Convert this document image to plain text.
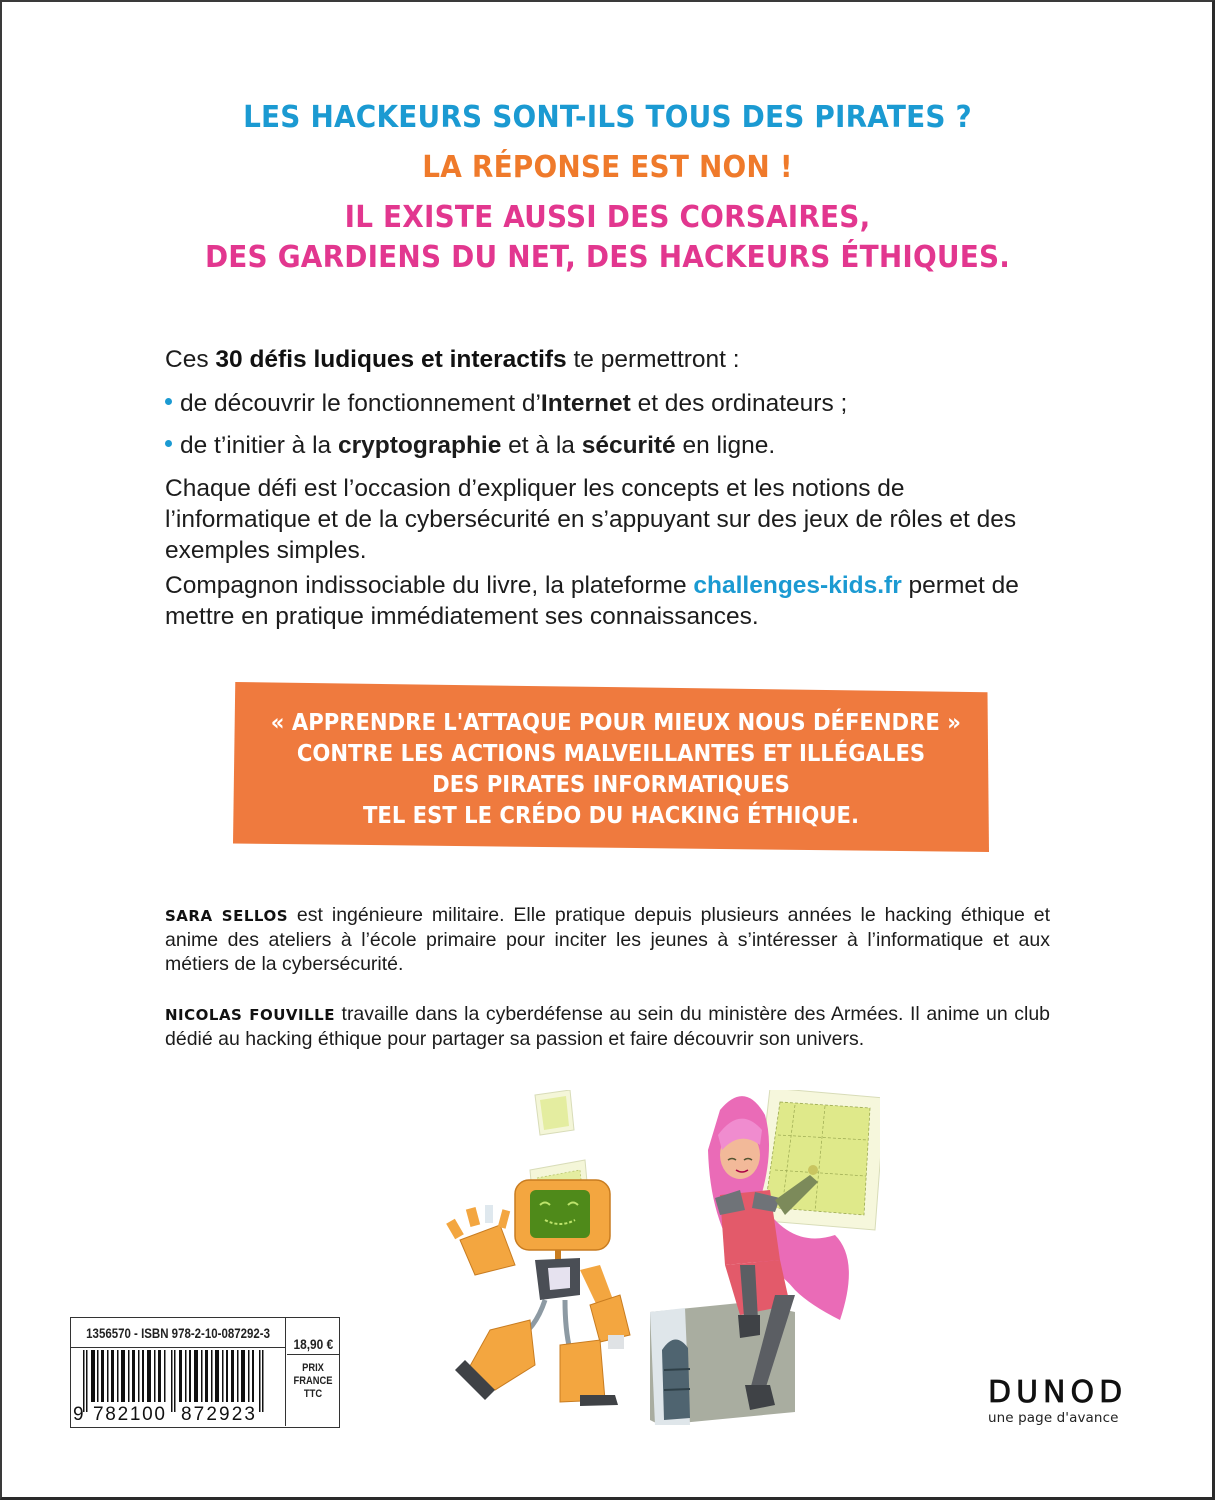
LES HACKEURS SONT-ILS TOUS DES PIRATES ?
LA RÉPONSE EST NON !
IL EXISTE AUSSI DES CORSAIRES,
DES GARDIENS DU NET, DES HACKEURS ÉTHIQUES.
Ces 30 défis ludiques et interactifs te permettront :
de découvrir le fonctionnement d’Internet et des ordinateurs ;
de t’initier à la cryptographie et à la sécurité en ligne.
Chaque défi est l’occasion d’expliquer les concepts et les notions de l’informatique et de la cybersécurité en s’appuyant sur des jeux de rôles et des exemples simples.
Compagnon indissociable du livre, la plateforme challenges-kids.fr permet de mettre en pratique immédiatement ses connaissances.
« APPRENDRE L'ATTAQUE POUR MIEUX NOUS DÉFENDRE »
CONTRE LES ACTIONS MALVEILLANTES ET ILLÉGALES
DES PIRATES INFORMATIQUES
TEL EST LE CRÉDO DU HACKING ÉTHIQUE.
SARA SELLOS est ingénieure militaire. Elle pratique depuis plusieurs années le hacking éthique et anime des ateliers à l’école primaire pour inciter les jeunes à s’intéresser à l’informatique et aux métiers de la cybersécurité.
NICOLAS FOUVILLE travaille dans la cyberdéfense au sein du ministère des Armées. Il anime un club dédié au hacking éthique pour partager sa passion et faire découvrir son univers.
1356570 - ISBN 978-2-10-087292-3
9 782100 872923
18,90 €
PRIX
FRANCE
TTC	DUNOD
une page d'avance
